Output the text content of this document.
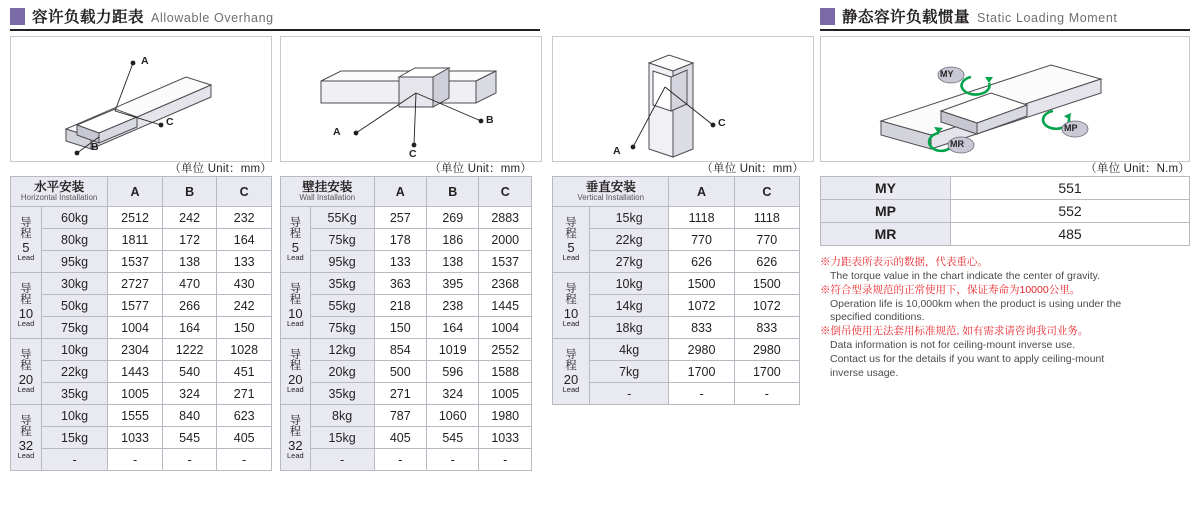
容许负载力距表 Allowable Overhang	静态容许负载惯量 Static Loading Moment
A
B
C
A
B
C	A
C
MY
MP
MR
（单位 Unit：mm）	（单位 Unit：mm）	（单位 Unit：mm）	（单位 Unit：N.m）
水平安装
Horizontal Installation		A	B	C

导
程
5
Lead	60kg	2512	242	232
	80kg	1811	172	164
	95kg	1537	138	133

导
程
10
Lead	30kg	2727	470	430
	50kg	1577	266	242
	75kg	1004	164	150

导
程
20
Lead	10kg	2304	1222	1028
	22kg	1443	540	451
	35kg	1005	324	271

导
程
32
Lead	10kg	1555	840	623
	15kg	1033	545	405
	-	-	-	-
壁挂安装
Wall Installation		A	B	C

导
程
5
Lead	55Kg	257	269	2883
	75kg	178	186	2000
	95kg	133	138	1537

导
程
10
Lead	35kg	363	395	2368
	55kg	218	238	1445
	75kg	150	164	1004

导
程
20
Lead	12kg	854	1019	2552
	20kg	500	596	1588
	35kg	271	324	1005

导
程
32
Lead	8kg	787	1060	1980
	15kg	405	545	1033
	-	-	-	-
垂直安装
Vertical Installation		A	C

导
程
5
Lead	15kg	1118	1118
	22kg	770	770
	27kg	626	626

导
程
10
Lead	10kg	1500	1500
	14kg	1072	1072
	18kg	833	833

导
程
20
Lead	4kg	2980	2980
	7kg	1700	1700
	-	-	-
MY	551
MP	552
MR	485
※力距表所表示的数据，代表重心。
The torque value in the chart indicate the center of gravity.
※符合型录规范的正常使用下，保证寿命为10000公里。
Operation life is 10,000km when the product is using under the
specified conditions.
※倒吊使用无法套用标准规范, 如有需求请咨询我司业务。
Data information is not for ceiling-mount inverse use.
Contact us for the details if you want to apply ceiling-mount
inverse usage.
